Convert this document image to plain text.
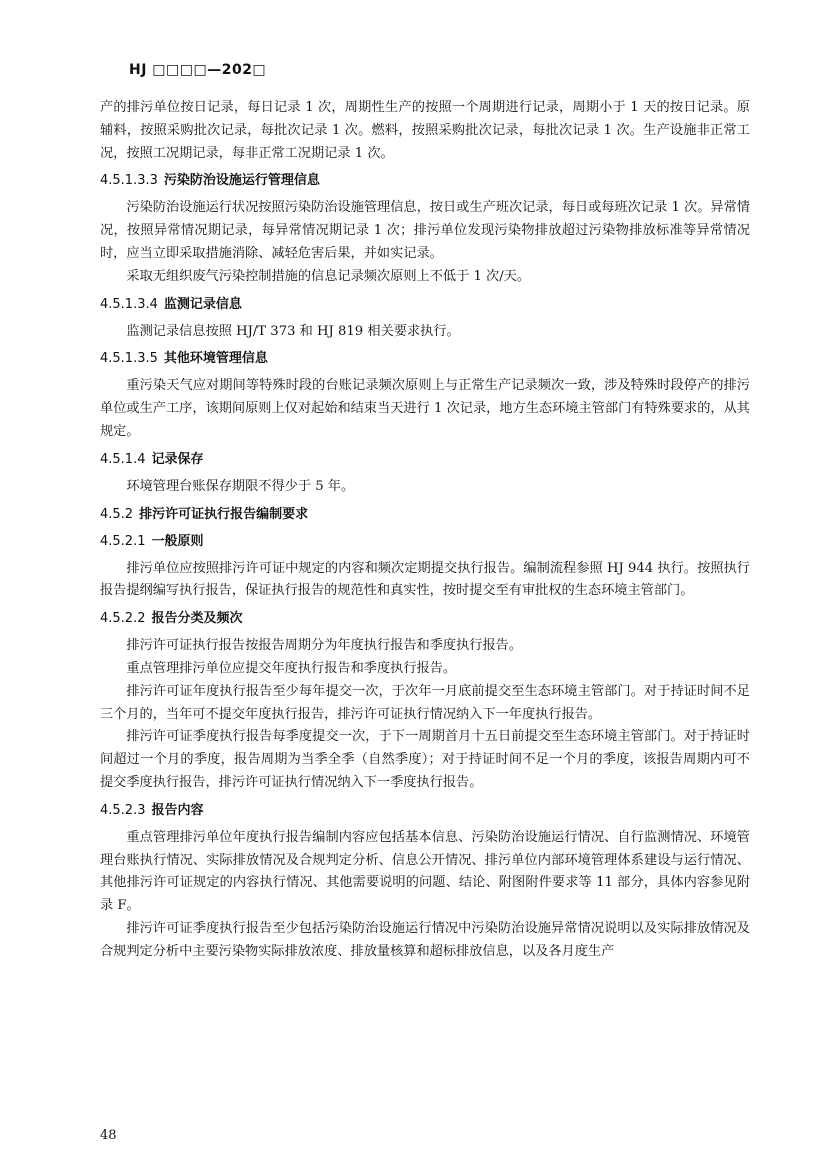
HJ □□□□—202□

产的排污单位按日记录，每日记录 1 次，周期性生产的按照一个周期进行记录，周期小于 1 天的按日记录。原辅料，按照采购批次记录，每批次记录 1 次。燃料，按照采购批次记录，每批次记录 1 次。生产设施非正常工况，按照工况期记录，每非正常工况期记录 1 次。

4.5.1.3.3 污染防治设施运行管理信息

污染防治设施运行状况按照污染防治设施管理信息，按日或生产班次记录，每日或每班次记录 1 次。异常情况，按照异常情况期记录，每异常情况期记录 1 次；排污单位发现污染物排放超过污染物排放标准等异常情况时，应当立即采取措施消除、减轻危害后果，并如实记录。

采取无组织废气污染控制措施的信息记录频次原则上不低于 1 次/天。

4.5.1.3.4 监测记录信息

监测记录信息按照 HJ/T 373 和 HJ 819 相关要求执行。

4.5.1.3.5 其他环境管理信息

重污染天气应对期间等特殊时段的台账记录频次原则上与正常生产记录频次一致，涉及特殊时段停产的排污单位或生产工序，该期间原则上仅对起始和结束当天进行 1 次记录，地方生态环境主管部门有特殊要求的，从其规定。

4.5.1.4 记录保存

环境管理台账保存期限不得少于 5 年。

4.5.2 排污许可证执行报告编制要求
4.5.2.1 一般原则

排污单位应按照排污许可证中规定的内容和频次定期提交执行报告。编制流程参照 HJ 944 执行。按照执行报告提纲编写执行报告，保证执行报告的规范性和真实性，按时提交至有审批权的生态环境主管部门。

4.5.2.2 报告分类及频次

排污许可证执行报告按报告周期分为年度执行报告和季度执行报告。

重点管理排污单位应提交年度执行报告和季度执行报告。

排污许可证年度执行报告至少每年提交一次，于次年一月底前提交至生态环境主管部门。对于持证时间不足三个月的，当年可不提交年度执行报告，排污许可证执行情况纳入下一年度执行报告。

排污许可证季度执行报告每季度提交一次，于下一周期首月十五日前提交至生态环境主管部门。对于持证时间超过一个月的季度，报告周期为当季全季（自然季度）；对于持证时间不足一个月的季度，该报告周期内可不提交季度执行报告，排污许可证执行情况纳入下一季度执行报告。

4.5.2.3 报告内容

重点管理排污单位年度执行报告编制内容应包括基本信息、污染防治设施运行情况、自行监测情况、环境管理台账执行情况、实际排放情况及合规判定分析、信息公开情况、排污单位内部环境管理体系建设与运行情况、其他排污许可证规定的内容执行情况、其他需要说明的问题、结论、附图附件要求等 11 部分，具体内容参见附录 F。

排污许可证季度执行报告至少包括污染防治设施运行情况中污染防治设施异常情况说明以及实际排放情况及合规判定分析中主要污染物实际排放浓度、排放量核算和超标排放信息，以及各月度生产

48
